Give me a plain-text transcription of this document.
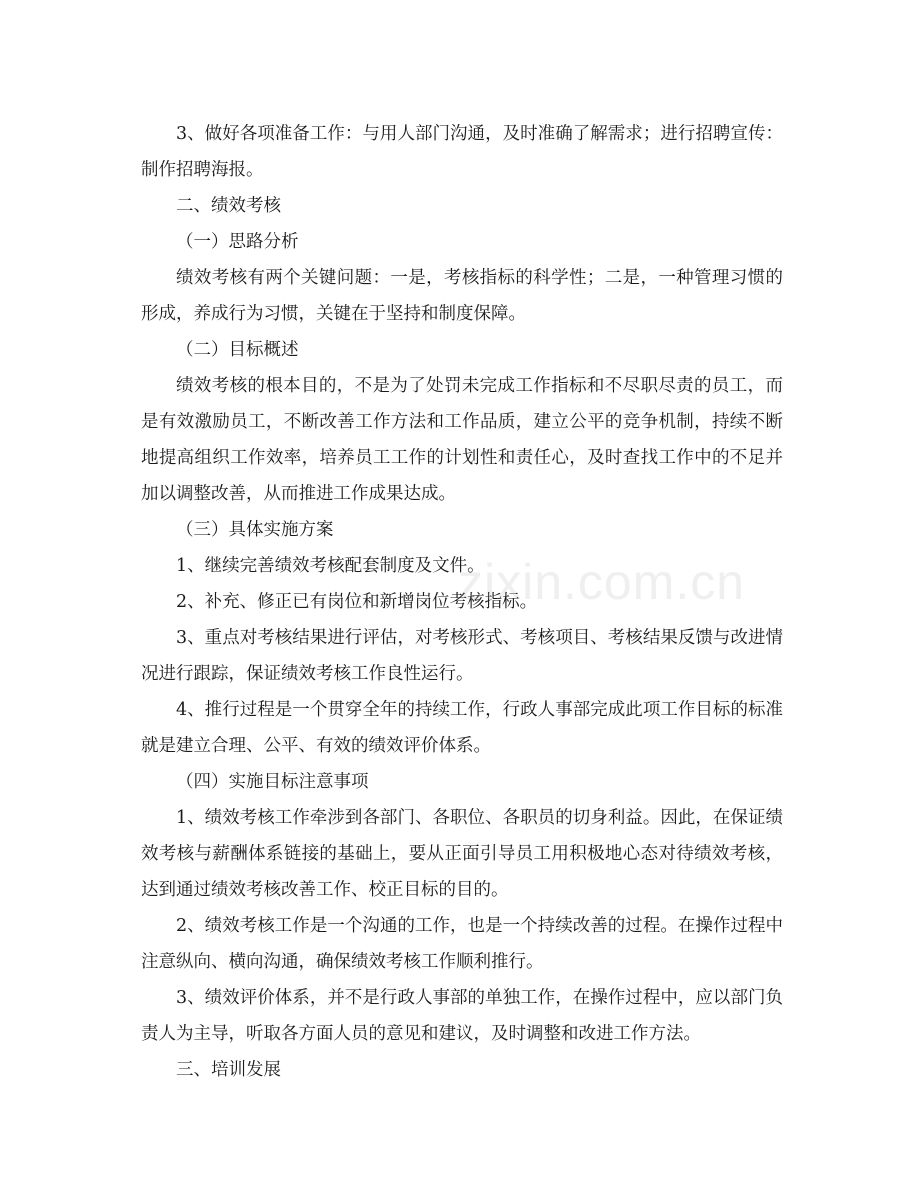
3、做好各项准备工作：与用人部门沟通，及时准确了解需求；进行招聘宣传：制作招聘海报。

二、绩效考核

（一）思路分析

绩效考核有两个关键问题：一是，考核指标的科学性；二是，一种管理习惯的形成，养成行为习惯，关键在于坚持和制度保障。

（二）目标概述

绩效考核的根本目的，不是为了处罚未完成工作指标和不尽职尽责的员工，而是有效激励员工，不断改善工作方法和工作品质，建立公平的竞争机制，持续不断地提高组织工作效率，培养员工工作的计划性和责任心，及时查找工作中的不足并加以调整改善，从而推进工作成果达成。

（三）具体实施方案

1、继续完善绩效考核配套制度及文件。

2、补充、修正已有岗位和新增岗位考核指标。

3、重点对考核结果进行评估，对考核形式、考核项目、考核结果反馈与改进情况进行跟踪，保证绩效考核工作良性运行。

4、推行过程是一个贯穿全年的持续工作，行政人事部完成此项工作目标的标准就是建立合理、公平、有效的绩效评价体系。

（四）实施目标注意事项

1、绩效考核工作牵涉到各部门、各职位、各职员的切身利益。因此，在保证绩效考核与薪酬体系链接的基础上，要从正面引导员工用积极地心态对待绩效考核，达到通过绩效考核改善工作、校正目标的目的。

2、绩效考核工作是一个沟通的工作，也是一个持续改善的过程。在操作过程中注意纵向、横向沟通，确保绩效考核工作顺利推行。

3、绩效评价体系，并不是行政人事部的单独工作，在操作过程中，应以部门负责人为主导，听取各方面人员的意见和建议，及时调整和改进工作方法。

三、培训发展

zixin.com.cn
